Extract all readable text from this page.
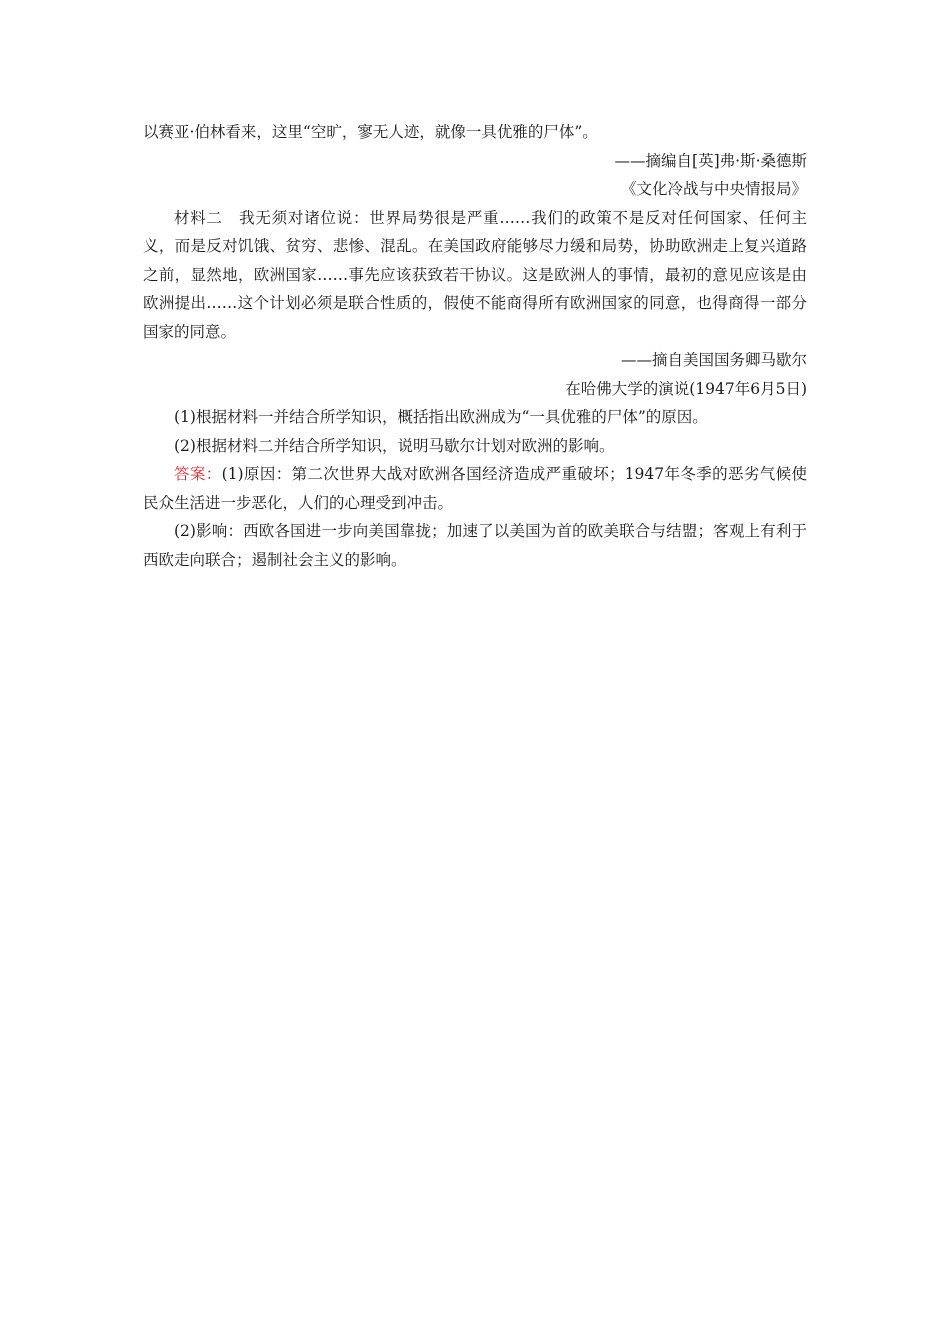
以赛亚·伯林看来，这里“空旷，寥无人迹，就像一具优雅的尸体”。

——摘编自[英]弗·斯·桑德斯

《文化冷战与中央情报局》

材料二　 我无须对诸位说：世界局势很是严重……我们的政策不是反对任何国家、任何主义，而是反对饥饿、贫穷、悲惨、混乱。在美国政府能够尽力缓和局势，协助欧洲走上复兴道路之前，显然地，欧洲国家……事先应该获致若干协议。这是欧洲人的事情，最初的意见应该是由欧洲提出……这个计划必须是联合性质的，假使不能商得所有欧洲国家的同意，也得商得一部分国家的同意。

——摘自美国国务卿马歇尔

在哈佛大学的演说(1947年6月5日)

(1)根据材料一并结合所学知识，概括指出欧洲成为“一具优雅的尸体”的原因。

(2)根据材料二并结合所学知识，说明马歇尔计划对欧洲的影响。

答案：(1)原因：第二次世界大战对欧洲各国经济造成严重破坏；1947年冬季的恶劣气候使民众生活进一步恶化，人们的心理受到冲击。

(2)影响：西欧各国进一步向美国靠拢；加速了以美国为首的欧美联合与结盟；客观上有利于西欧走向联合；遏制社会主义的影响。
